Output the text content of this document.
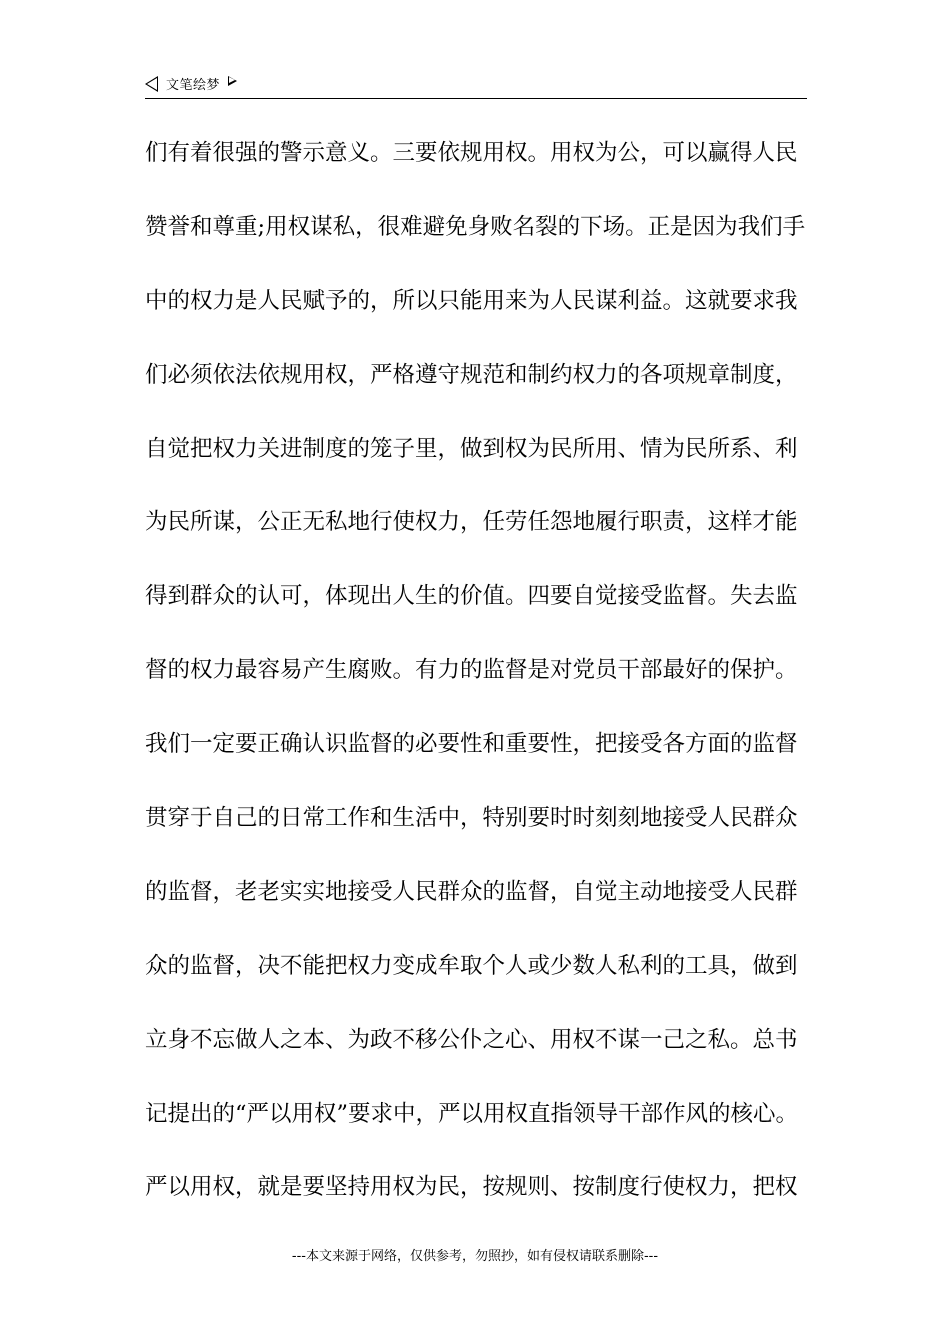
文笔绘梦
们有着很强的警示意义。三要依规用权。用权为公，可以赢得人民
赞誉和尊重;用权谋私，很难避免身败名裂的下场。正是因为我们手
中的权力是人民赋予的，所以只能用来为人民谋利益。这就要求我
们必须依法依规用权，严格遵守规范和制约权力的各项规章制度，
自觉把权力关进制度的笼子里，做到权为民所用、情为民所系、利
为民所谋，公正无私地行使权力，任劳任怨地履行职责，这样才能
得到群众的认可，体现出人生的价值。四要自觉接受监督。失去监
督的权力最容易产生腐败。有力的监督是对党员干部最好的保护。
我们一定要正确认识监督的必要性和重要性，把接受各方面的监督
贯穿于自己的日常工作和生活中，特别要时时刻刻地接受人民群众
的监督，老老实实地接受人民群众的监督，自觉主动地接受人民群
众的监督，决不能把权力变成牟取个人或少数人私利的工具，做到
立身不忘做人之本、为政不移公仆之心、用权不谋一己之私。总书
记提出的“严以用权”要求中，严以用权直指领导干部作风的核心。
严以用权，就是要坚持用权为民，按规则、按制度行使权力，把权
---本文来源于网络，仅供参考，勿照抄，如有侵权请联系删除---
